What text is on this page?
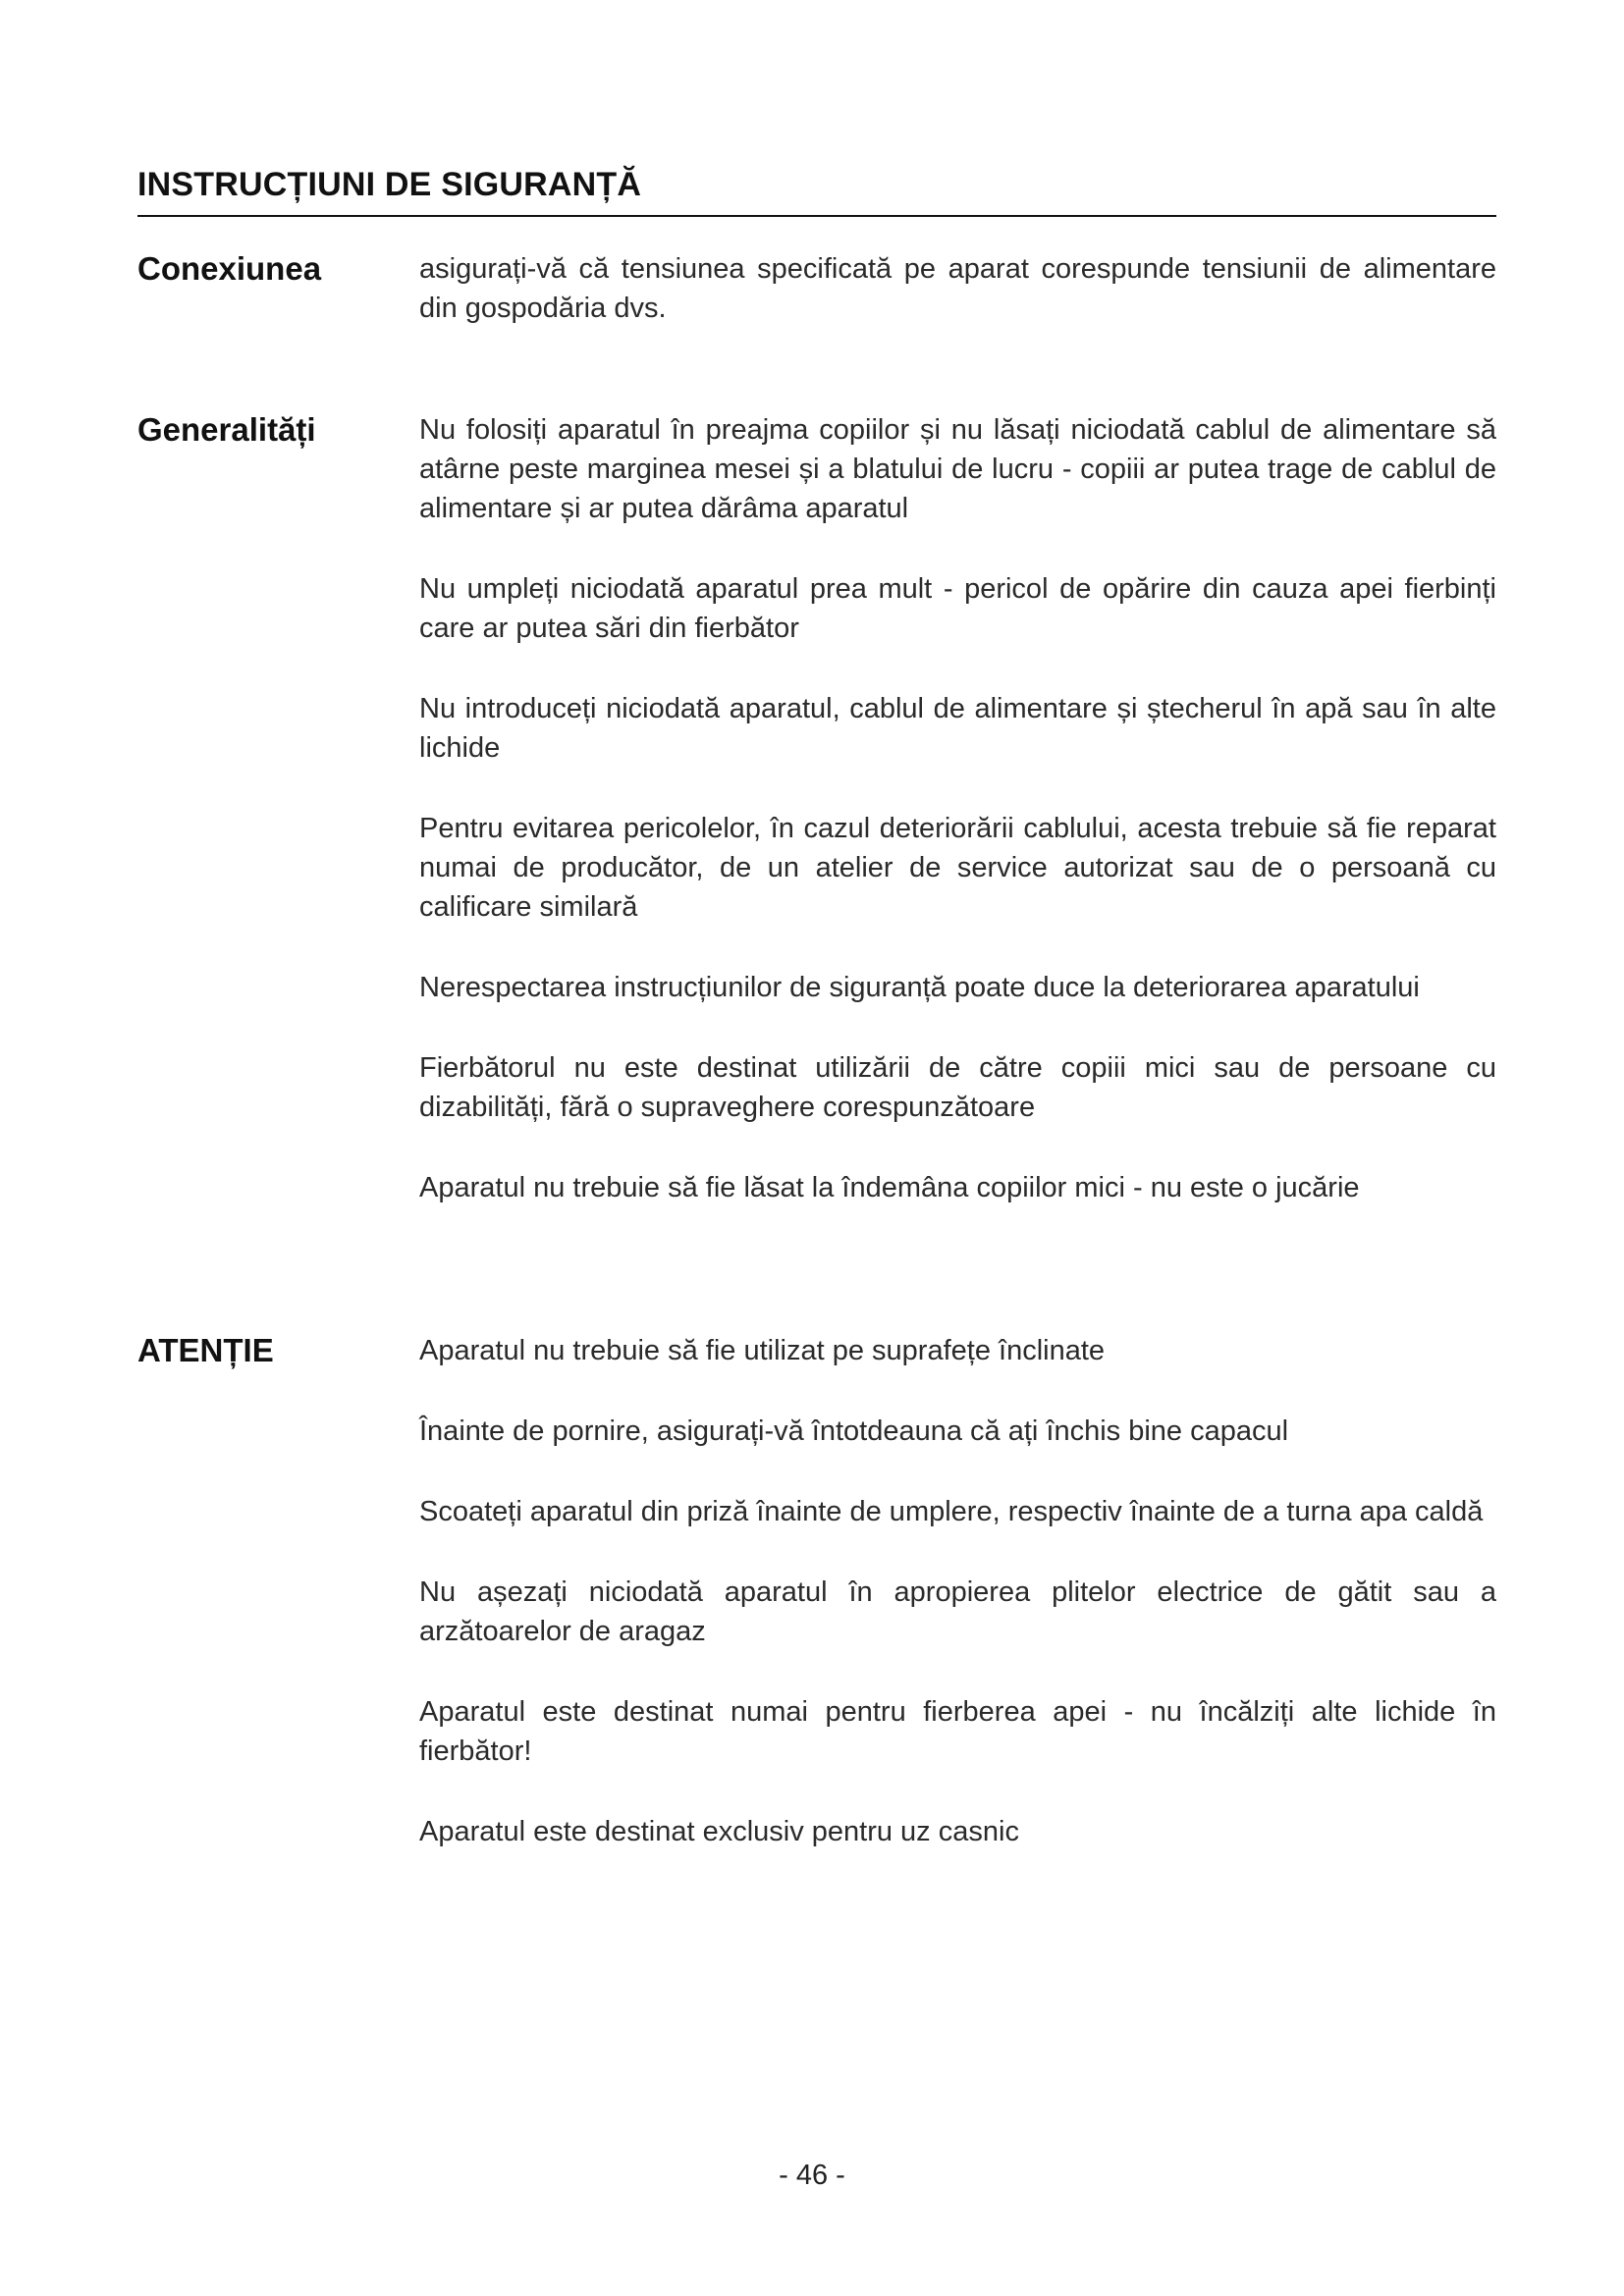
INSTRUCȚIUNI DE SIGURANȚĂ
Conexiunea	asigurați-vă că tensiunea specificată pe aparat corespunde tensiunii de alimentare din gospodăria dvs.

Generalități	Nu folosiți aparatul în preajma copiilor și nu lăsați niciodată cablul de alimentare să atârne peste marginea mesei și a blatului de lucru - copiii ar putea trage de cablul de alimentare și ar putea dărâma aparatul

Nu umpleți niciodată aparatul prea mult - pericol de opărire din cauza apei fierbinți care ar putea sări din fierbător

Nu introduceți niciodată aparatul, cablul de alimentare și ștecherul în apă sau în alte lichide

Pentru evitarea pericolelor, în cazul deteriorării cablului, acesta trebuie să fie reparat numai de producător, de un atelier de service autorizat sau de o persoană cu calificare similară

Nerespectarea instrucțiunilor de siguranță poate duce la deteriorarea aparatului

Fierbătorul nu este destinat utilizării de către copiii mici sau de persoane cu dizabilități, fără o supraveghere corespunzătoare

Aparatul nu trebuie să fie lăsat la îndemâna copiilor mici - nu este o jucărie

ATENȚIE	Aparatul nu trebuie să fie utilizat pe suprafețe înclinate

Înainte de pornire, asigurați-vă întotdeauna că ați închis bine capacul

Scoateți aparatul din priză înainte de umplere, respectiv înainte de a turna apa caldă

Nu așezați niciodată aparatul în apropierea plitelor electrice de gătit sau a arzătoarelor de aragaz

Aparatul este destinat numai pentru fierberea apei - nu încălziți alte lichide în fierbător!

Aparatul este destinat exclusiv pentru uz casnic

- 46 -
